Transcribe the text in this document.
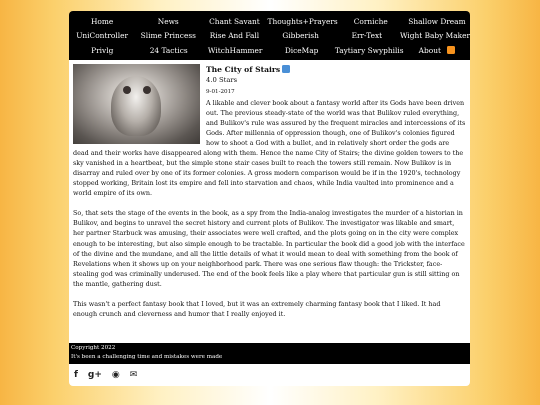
Home	News	Chant Savant	Thoughts+Prayers	Corniche	Shallow Dream
UniController	Slime Princess	Rise And Fall	Gibberish	Err-Text	Wight Baby Maker
Privlg	24 Tactics	WitchHammer	DiceMap	Taytiary Swyphilis	About
The City of Stairs
4.0 Stars
9-01-2017

A likable and clever book about a fantasy world after its Gods have been driven out. The previous steady-state of the world was that Bulikov ruled everything, and Bulikov's rule was assured by the frequent miracles and intercessions of its Gods. After millennia of oppression though, one of Bulikov's colonies figured how to shoot a God with a bullet, and in relatively short order the gods are dead and their works have disappeared along with them. Hence the name City of Stairs; the divine golden towers to the sky vanished in a heartbeat, but the simple stone stair cases built to reach the towers still remain. Now Bulikov is in disarray and ruled over by one of its former colonies. A gross modern comparison would be if in the 1920's, technology stopped working, Britain lost its empire and fell into starvation and chaos, while India vaulted into prominence and a world empire of its own.

So, that sets the stage of the events in the book, as a spy from the India-analog investigates the murder of a historian in Bulikov, and begins to unravel the secret history and current plots of Bulikov. The investigator was likable and smart, her partner Starbuck was amusing, their associates were well crafted, and the plots going on in the city were complex enough to be interesting, but also simple enough to be tractable. In particular the book did a good job with the interface of the divine and the mundane, and all the little details of what it would mean to deal with something from the book of Revelations when it shows up on your neighborhood park. There was one serious flaw though: the Trickster, face-stealing god was criminally underused. The end of the book feels like a play where that particular gun is still sitting on the mantle, gathering dust.

This wasn't a perfect fantasy book that I loved, but it was an extremely charming fantasy book that I liked. It had enough crunch and cleverness and humor that I really enjoyed it.

Copyright 2022
It's been a challenging time and mistakes were made
f g+ ◉ ✉
